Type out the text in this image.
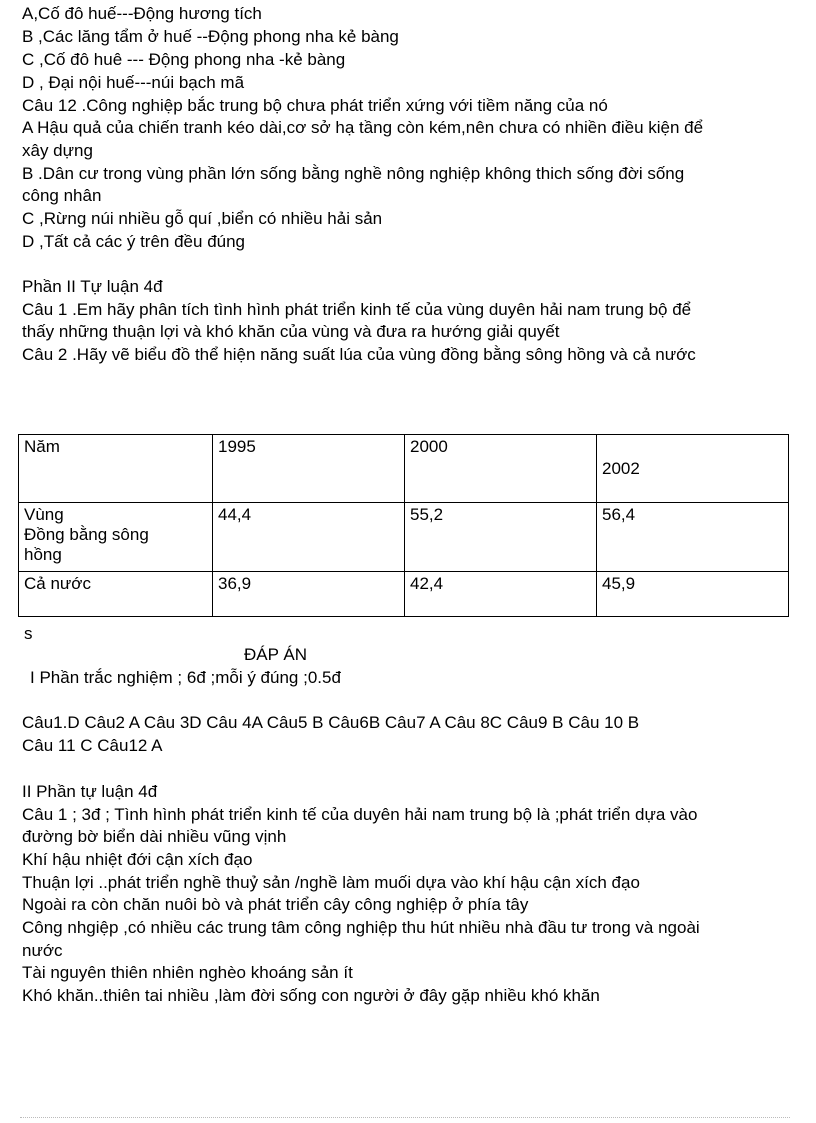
A,Cố đô huế---Động hương tích
B ,Các lăng tẩm ở huế --Động phong nha kẻ bàng
C ,Cố đô huê --- Động phong nha -kẻ bàng
D , Đại nội huế---núi bạch mã
Câu 12 .Công nghiệp bắc trung bộ chưa phát triển xứng với tiềm năng của nó
A Hậu quả của chiến tranh kéo dài,cơ sở hạ tầng còn kém,nên chưa có nhiền điều kiện để
xây dựng
B .Dân cư trong vùng phần lớn sống bằng nghề nông nghiệp không thich sống đời sống
công nhân
C ,Rừng núi nhiều gỗ quí ,biển có nhiều hải sản
D ,Tất cả các ý trên đều đúng
Phần II Tự luận 4đ
Câu 1 .Em hãy phân tích tình hình phát triển kinh tế của vùng duyên hải nam trung bộ để
thấy những thuận lợi và khó khăn của vùng và đưa ra hướng giải quyết
Câu 2 .Hãy vẽ biểu đồ thể hiện năng suất lúa của vùng đồng bằng sông hồng và cả nước
Năm	1995	2000	2002

Vùng
Đồng bằng sông
hồng	44,4	55,2	56,4

Cả nước	36,9	42,4	45,9
s
ĐÁP ÁN
I Phần trắc nghiệm ; 6đ ;mỗi ý đúng ;0.5đ
Câu1.D Câu2 A Câu 3D Câu 4A Câu5 B Câu6B Câu7 A Câu 8C Câu9 B Câu 10 B
Câu 11 C Câu12 A
II Phần tự luận 4đ
Câu 1 ; 3đ ; Tình hình phát triển kinh tế của duyên hải nam trung bộ là ;phát triển dựa vào
đường bờ biển dài nhiều vũng vịnh
Khí hậu nhiệt đới cận xích đạo
Thuận lợi ..phát triển nghề thuỷ sản /nghề làm muối dựa vào khí hậu cận xích đạo
Ngoài ra còn chăn nuôi bò và phát triển cây công nghiệp ở phía tây
Công nhgiệp ,có nhiều các trung tâm công nghiệp thu hút nhiều nhà đầu tư trong và ngoài
nước
Tài nguyên thiên nhiên nghèo khoáng sản ít
Khó khăn..thiên tai nhiều ,làm đời sống con người ở đây gặp nhiều khó khăn
